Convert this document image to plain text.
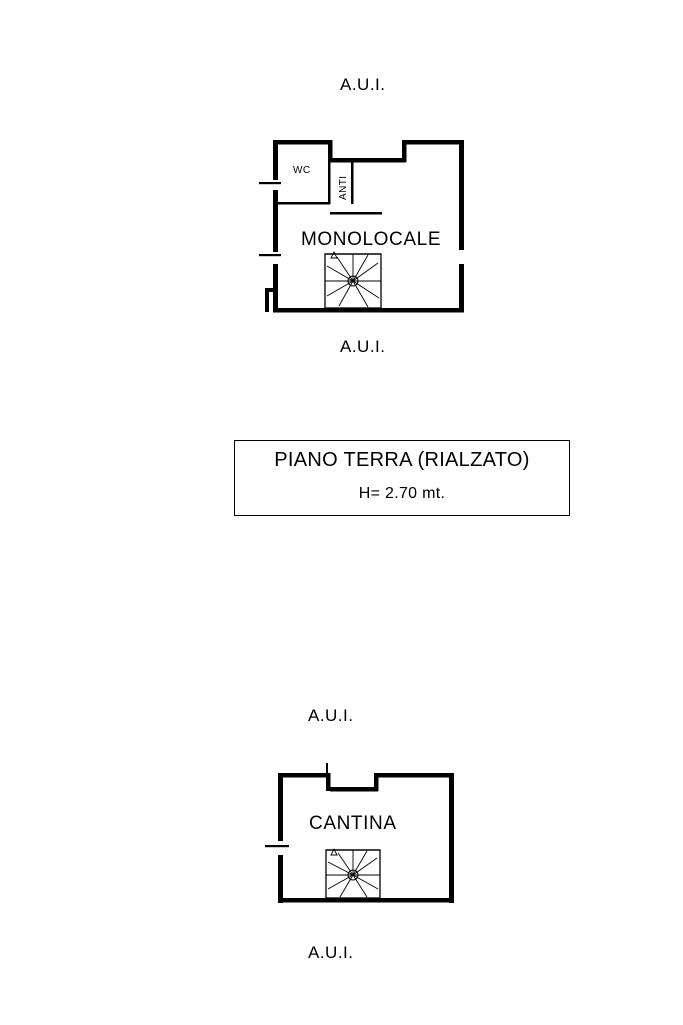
A.U.I.
WC
ANTI
MONOLOCALE
A.U.I.
PIANO TERRA (RIALZATO)
H= 2.70 mt.
A.U.I.
CANTINA
A.U.I.
